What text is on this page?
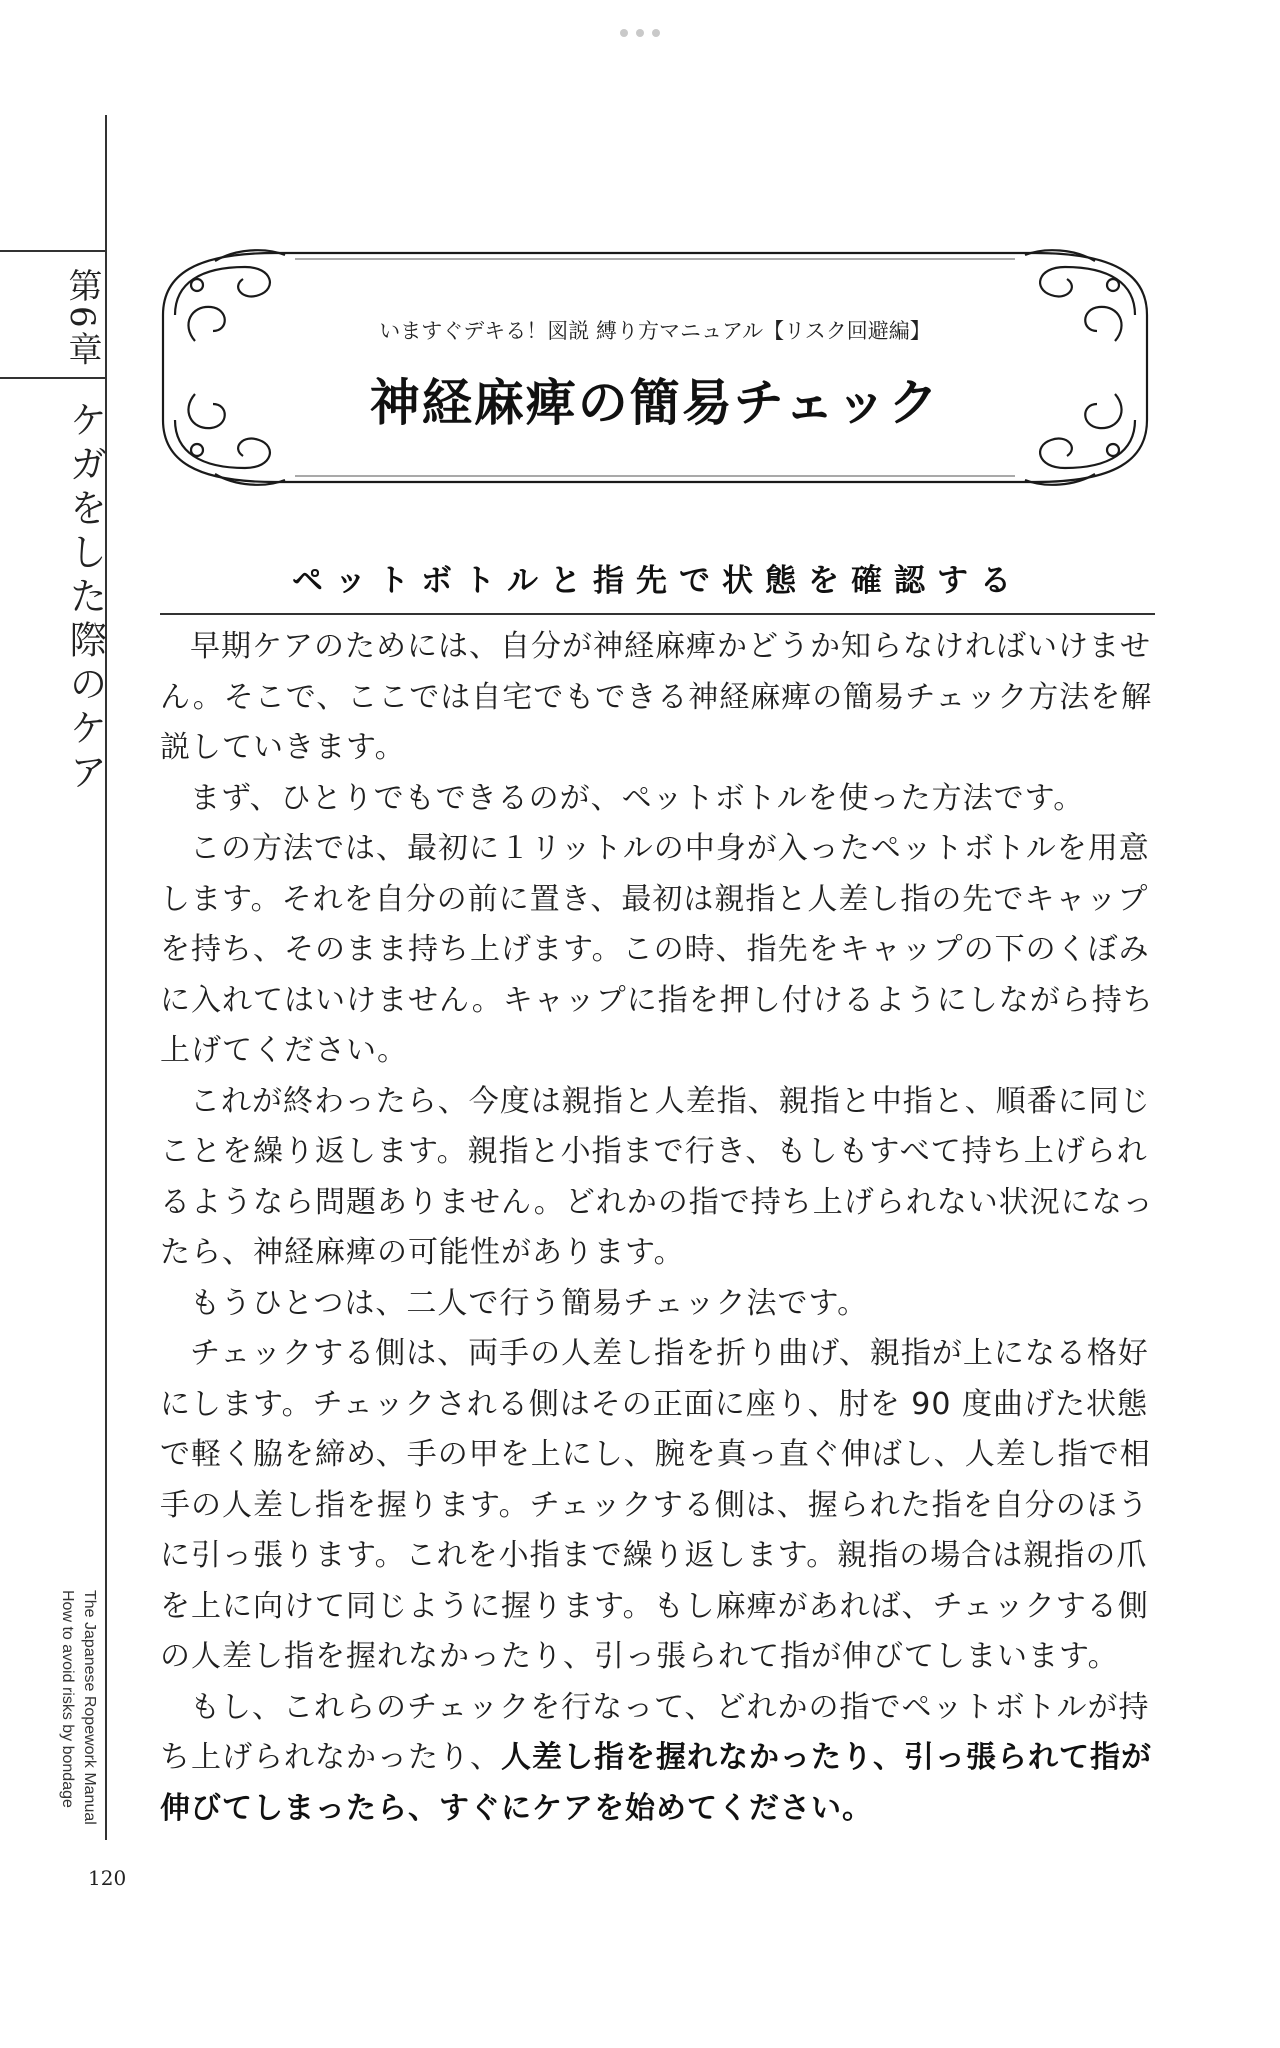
第6章
ケガをした際のケア
The Japanese Ropework Manual
How to avoid risks by bondage
120
いますぐデキる！図説 縛り方マニュアル【リスク回避編】
神経麻痺の簡易チェック
ペットボトルと指先で状態を確認する

早期ケアのためには、自分が神経麻痺かどうか知らなければいけません。そこで、ここでは自宅でもできる神経麻痺の簡易チェック方法を解説していきます。

まず、ひとりでもできるのが、ペットボトルを使った方法です。

この方法では、最初に１リットルの中身が入ったペットボトルを用意します。それを自分の前に置き、最初は親指と人差し指の先でキャップを持ち、そのまま持ち上げます。この時、指先をキャップの下のくぼみに入れてはいけません。キャップに指を押し付けるようにしながら持ち上げてください。

これが終わったら、今度は親指と人差指、親指と中指と、順番に同じことを繰り返します。親指と小指まで行き、もしもすべて持ち上げられるようなら問題ありません。どれかの指で持ち上げられない状況になったら、神経麻痺の可能性があります。

もうひとつは、二人で行う簡易チェック法です。

チェックする側は、両手の人差し指を折り曲げ、親指が上になる格好にします。チェックされる側はその正面に座り、肘を 90 度曲げた状態で軽く脇を締め、手の甲を上にし、腕を真っ直ぐ伸ばし、人差し指で相手の人差し指を握ります。チェックする側は、握られた指を自分のほうに引っ張ります。これを小指まで繰り返します。親指の場合は親指の爪を上に向けて同じように握ります。もし麻痺があれば、チェックする側の人差し指を握れなかったり、引っ張られて指が伸びてしまいます。

もし、これらのチェックを行なって、どれかの指でペットボトルが持ち上げられなかったり、人差し指を握れなかったり、引っ張られて指が伸びてしまったら、すぐにケアを始めてください。
